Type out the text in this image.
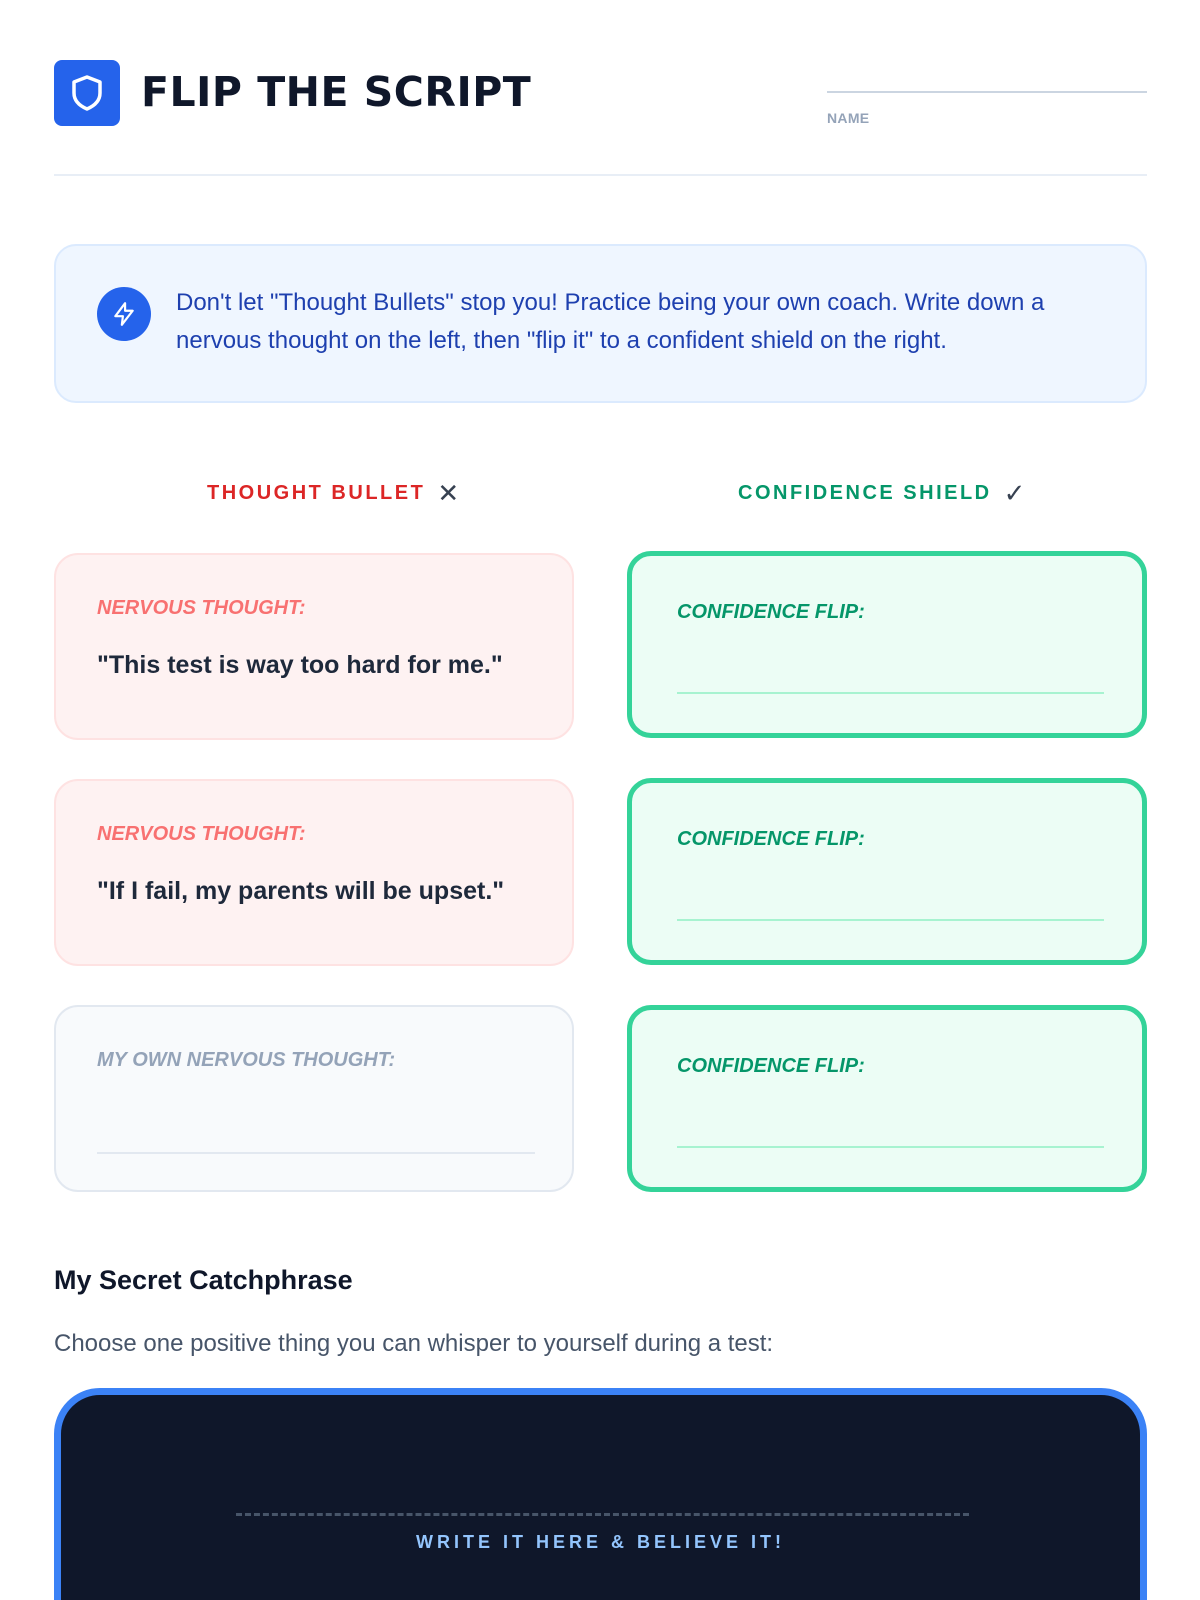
FLIP THE SCRIPT
NAME
Don't let "Thought Bullets" stop you! Practice being your own coach. Write down a nervous thought on the left, then "flip it" to a confident shield on the right.
THOUGHT BULLET ✕	CONFIDENCE SHIELD ✓
NERVOUS THOUGHT:
"This test is way too hard for me."
CONFIDENCE FLIP:
NERVOUS THOUGHT:
"If I fail, my parents will be upset."
CONFIDENCE FLIP:
MY OWN NERVOUS THOUGHT:	CONFIDENCE FLIP:
My Secret Catchphrase
Choose one positive thing you can whisper to yourself during a test:
WRITE IT HERE & BELIEVE IT!
